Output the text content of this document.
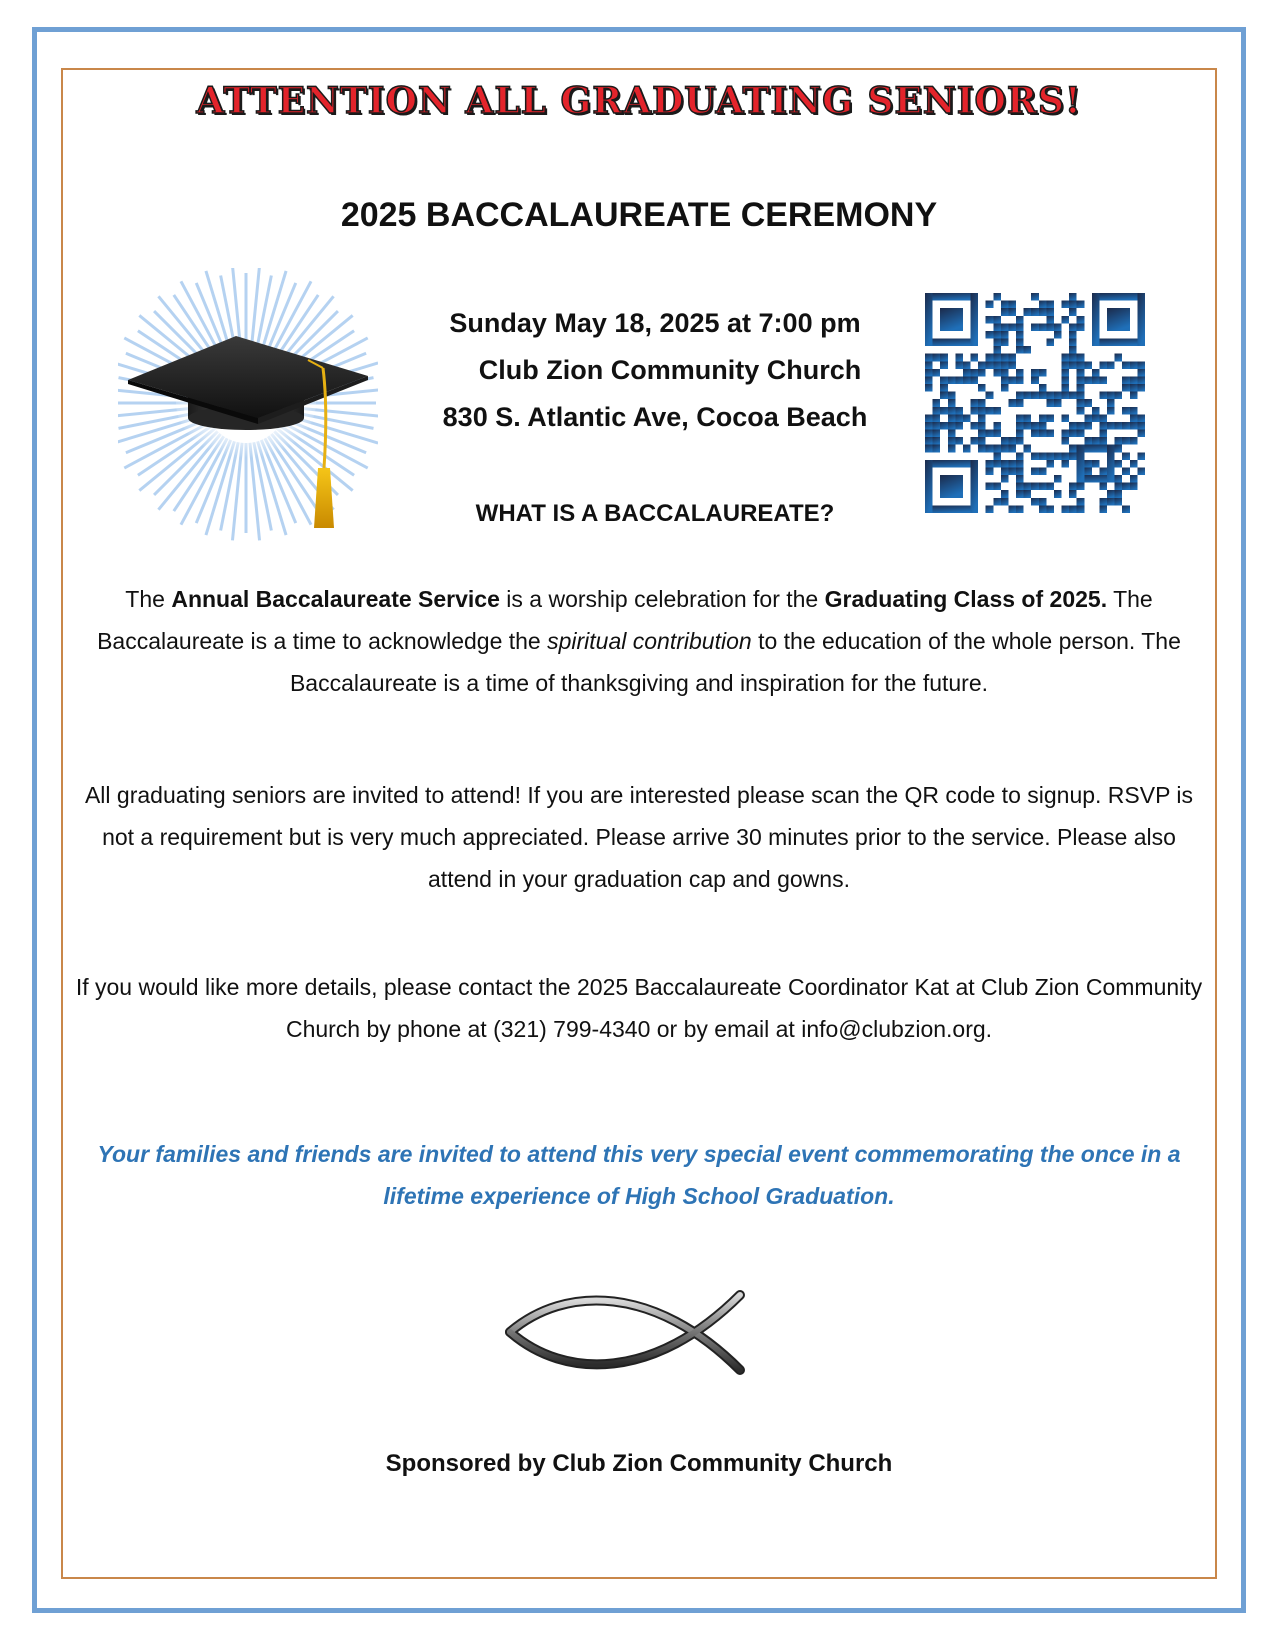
ATTENTION ALL GRADUATING SENIORS!
2025 BACCALAUREATE CEREMONY
Sunday May 18, 2025 at 7:00 pm
Club Zion Community Church
830 S. Atlantic Ave, Cocoa Beach
WHAT IS A BACCALAUREATE?
The Annual Baccalaureate Service is a worship celebration for the Graduating Class of 2025. The Baccalaureate is a time to acknowledge the spiritual contribution to the education of the whole person. The Baccalaureate is a time of thanksgiving and inspiration for the future.
All graduating seniors are invited to attend! If you are interested please scan the QR code to signup. RSVP is not a requirement but is very much appreciated. Please arrive 30 minutes prior to the service. Please also attend in your graduation cap and gowns.
If you would like more details, please contact the 2025 Baccalaureate Coordinator Kat at Club Zion Community Church by phone at (321) 799-4340 or by email at info@clubzion.org.
Your families and friends are invited to attend this very special event commemorating the once in a lifetime experience of High School Graduation.
Sponsored by Club Zion Community Church
